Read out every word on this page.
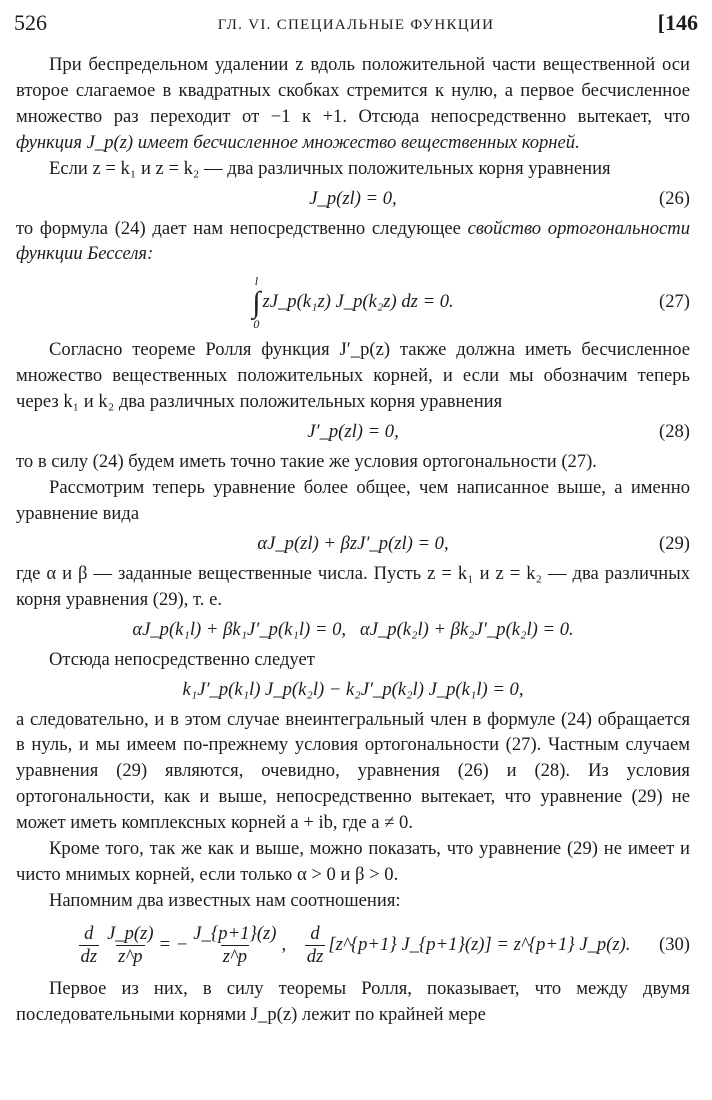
526	ГЛ. VI. СПЕЦИАЛЬНЫЕ ФУНКЦИИ	[146

При беспредельном удалении z вдоль положительной части вещественной оси второе слагаемое в квадратных скобках стремится к нулю, а первое бесчисленное множество раз переходит от −1 к +1. Отсюда непосредственно вытекает, что функция J_p(z) имеет бесчисленное множество вещественных корней.

Если z = k₁ и z = k₂ — два различных положительных корня уравнения

J_p(zl) = 0,	(26)

то формула (24) дает нам непосредственно следующее свойство ортогональности функции Бесселя:

l
∫
0
zJ_p(k₁z) J_p(k₂z) dz = 0.	(27)

Согласно теореме Ролля функция J′_p(z) также должна иметь бесчисленное множество вещественных положительных корней, и если мы обозначим теперь через k₁ и k₂ два различных положительных корня уравнения

J′_p(zl) = 0,	(28)

то в силу (24) будем иметь точно такие же условия ортогональности (27).

Рассмотрим теперь уравнение более общее, чем написанное выше, а именно уравнение вида

αJ_p(zl) + βzJ′_p(zl) = 0,	(29)

где α и β — заданные вещественные числа. Пусть z = k₁ и z = k₂ — два различных корня уравнения (29), т. е.

αJ_p(k₁l) + βk₁J′_p(k₁l) = 0,   αJ_p(k₂l) + βk₂J′_p(k₂l) = 0.

Отсюда непосредственно следует

k₁J′_p(k₁l) J_p(k₂l) − k₂J′_p(k₂l) J_p(k₁l) = 0,

а следовательно, и в этом случае внеинтегральный член в формуле (24) обращается в нуль, и мы имеем по-прежнему условия ортогональности (27). Частным случаем уравнения (29) являются, очевидно, уравнения (26) и (28). Из условия ортогональности, как и выше, непосредственно вытекает, что уравнение (29) не может иметь комплексных корней a + ib, где a ≠ 0.

Кроме того, так же как и выше, можно показать, что уравнение (29) не имеет и чисто мнимых корней, если только α > 0 и β > 0.

Напомним два известных нам соотношения:

$\frac{d}{dz} \frac{J\_p(z)}{z\^{}p}$ = − $\frac{J\_\{p+1\}(z)}{z\^{}p}$ , $\frac{d}{dz}$ [z^{p+1} J_{p+1}(z)] = z^{p+1} J_p(z). (30)

Первое из них, в силу теоремы Ролля, показывает, что между двумя последовательными корнями J_p(z) лежит по крайней мере
